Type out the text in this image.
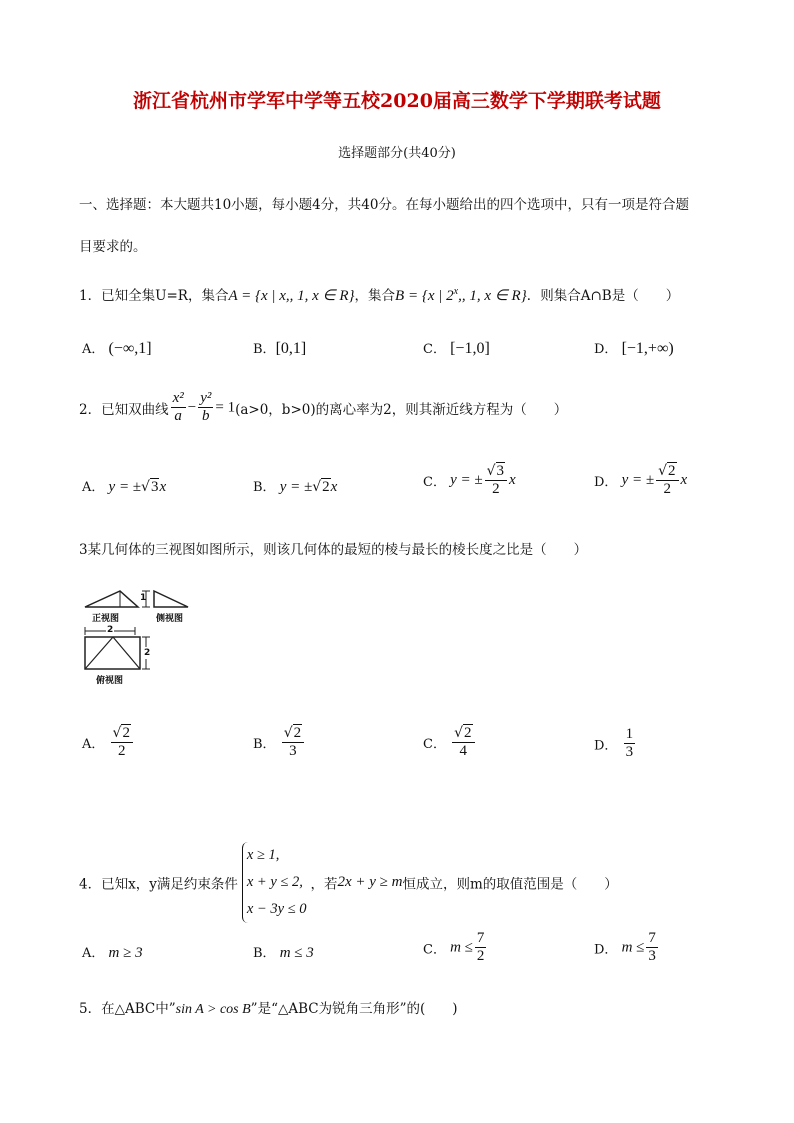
浙江省杭州市学军中学等五校2020届高三数学下学期联考试题
选择题部分(共40分)
一、选择题：本大题共10小题，每小题4分，共40分。在每小题给出的四个选项中，只有一项是符合题
目要求的。
1．已知全集U=R，集合A = {x | x,, 1, x ∈ R}，集合B = {x | 2$^x$,, 1, x ∈ R}．则集合A∩B是（　　）
A． (−∞,1]	B．[0,1]	C． [−1,0]	D． [−1,+∞)
2．已知双曲线 $\frac{\text{x²}}{a} - \frac{\text{y²}}{b} = 1(a>0$，b>0)的离心率为2，则其渐近线方程为（　　）
A． y = ±√3x	B． y = ±√2x	C． y = ± $\frac{√3}{2}$ x	D． y = ± $\frac{√2}{2}$ x
3某几何体的三视图如图所示，则该几何体的最短的棱与最长的棱长度之比是（　　）
1
正视图	侧视图
2
2
俯视图
A． $\frac{√2}{2}$	B． $\frac{√2}{3}$	C． $\frac{√2}{4}$	D． $\frac{1}{3}$
4．已知x，y满足约束条件
x ≥ 1,
x + y ≤ 2,
x − 3y ≤ 0
，若2x + y ≥ m恒成立，则m的取值范围是（　　）
A． m ≥ 3	B． m ≤ 3	C． $m \le \frac{7}{2}$	D． $m \le \frac{7}{3}$
5．在△ABC中”sin A > cos B”是“△ABC为锐角三角形”的(　　)
